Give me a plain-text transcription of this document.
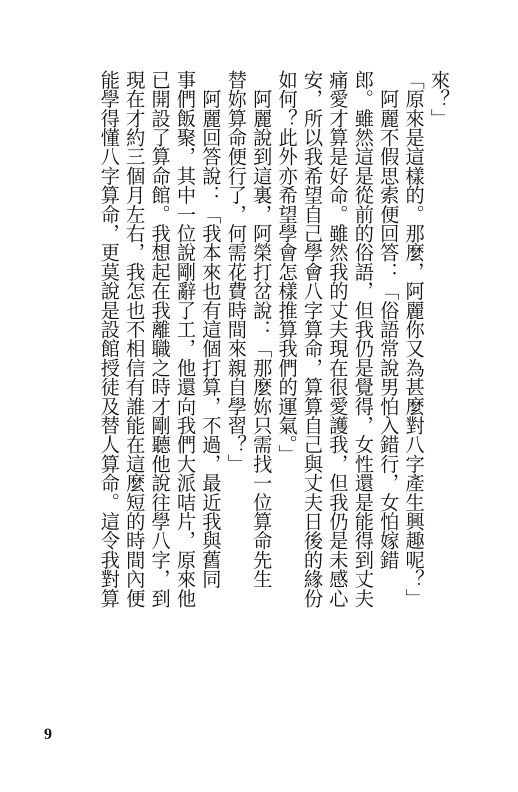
來？」
「原來是這樣的。那麼，阿麗你又為甚麼對八字產生興趣呢？」
　阿麗不假思索便回答：「俗語常說男怕入錯行，女怕嫁錯
郎。雖然這是從前的俗語，但我仍是覺得，女性還是能得到丈夫
痛愛才算是好命。雖然我的丈夫現在很愛護我，但我仍是未感心
安，所以我希望自己學會八字算命，算算自己與丈夫日後的緣份
如何？此外亦希望學會怎樣推算我們的運氣。」
　阿麗說到這裏，阿榮打岔說：「那麼妳只需找一位算命先生
替妳算命便行了，何需花費時間來親自學習？」
　阿麗回答說：「我本來也有這個打算，不過，最近我與舊同
事們飯聚，其中一位說剛辭了工，他還向我們大派咭片，原來他
已開設了算命館。我想起在我離職之時才剛聽他說往學八字，到
現在才約三個月左右，我怎也不相信有誰能在這麼短的時間內便
能學得懂八字算命，更莫說是設館授徒及替人算命。這令我對算
9
